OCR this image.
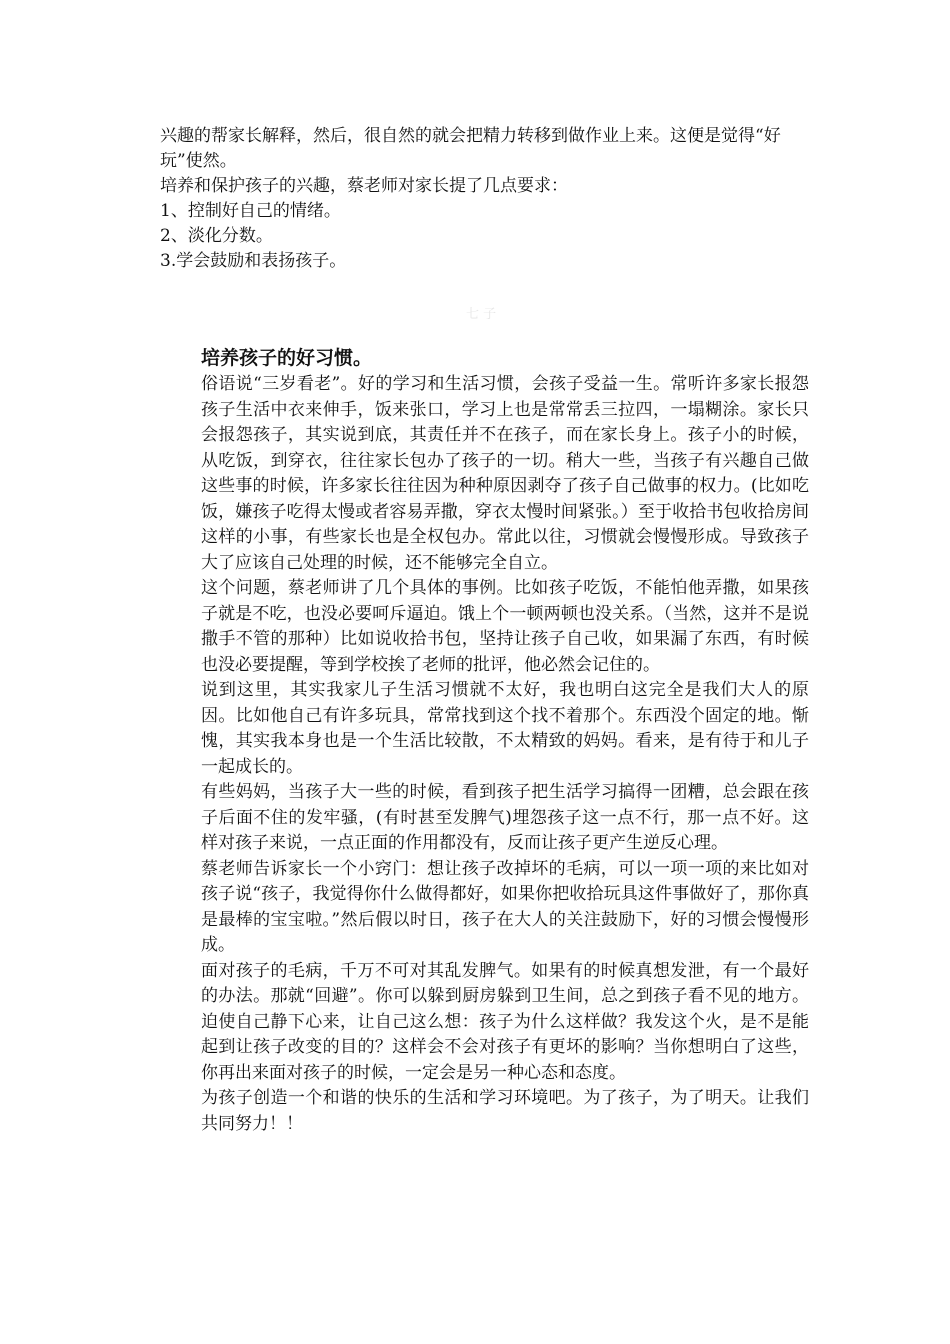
兴趣的帮家长解释，然后，很自然的就会把精力转移到做作业上来。这便是觉得“好玩”使然。

培养和保护孩子的兴趣，蔡老师对家长提了几点要求：

1、控制好自己的情绪。

2、淡化分数。

3.学会鼓励和表扬孩子。

七 子
培养孩子的好习惯。

俗语说“三岁看老”。好的学习和生活习惯，会孩子受益一生。常听许多家长报怨孩子生活中衣来伸手，饭来张口，学习上也是常常丢三拉四，一塌糊涂。家长只会报怨孩子，其实说到底，其责任并不在孩子，而在家长身上。孩子小的时候，从吃饭，到穿衣，往往家长包办了孩子的一切。稍大一些，当孩子有兴趣自己做这些事的时候，许多家长往往因为种种原因剥夺了孩子自己做事的权力。(比如吃饭，嫌孩子吃得太慢或者容易弄撒，穿衣太慢时间紧张。）至于收拾书包收拾房间这样的小事，有些家长也是全权包办。常此以往，习惯就会慢慢形成。导致孩子大了应该自己处理的时候，还不能够完全自立。

这个问题，蔡老师讲了几个具体的事例。比如孩子吃饭，不能怕他弄撒，如果孩子就是不吃，也没必要呵斥逼迫。饿上个一顿两顿也没关系。（当然，这并不是说撒手不管的那种）比如说收拾书包，坚持让孩子自己收，如果漏了东西，有时候也没必要提醒，等到学校挨了老师的批评，他必然会记住的。

说到这里，其实我家儿子生活习惯就不太好，我也明白这完全是我们大人的原因。比如他自己有许多玩具，常常找到这个找不着那个。东西没个固定的地。惭愧，其实我本身也是一个生活比较散，不太精致的妈妈。看来，是有待于和儿子一起成长的。

有些妈妈，当孩子大一些的时候，看到孩子把生活学习搞得一团糟，总会跟在孩子后面不住的发牢骚，(有时甚至发脾气)埋怨孩子这一点不行，那一点不好。这样对孩子来说，一点正面的作用都没有，反而让孩子更产生逆反心理。

蔡老师告诉家长一个小窍门：想让孩子改掉坏的毛病，可以一项一项的来比如对孩子说“孩子，我觉得你什么做得都好，如果你把收拾玩具这件事做好了，那你真是最棒的宝宝啦。”然后假以时日，孩子在大人的关注鼓励下，好的习惯会慢慢形成。

面对孩子的毛病，千万不可对其乱发脾气。如果有的时候真想发泄，有一个最好的办法。那就“回避”。你可以躲到厨房躲到卫生间，总之到孩子看不见的地方。迫使自己静下心来，让自己这么想：孩子为什么这样做？我发这个火，是不是能起到让孩子改变的目的？这样会不会对孩子有更坏的影响？当你想明白了这些，你再出来面对孩子的时候，一定会是另一种心态和态度。

为孩子创造一个和谐的快乐的生活和学习环境吧。为了孩子，为了明天。让我们共同努力！！
